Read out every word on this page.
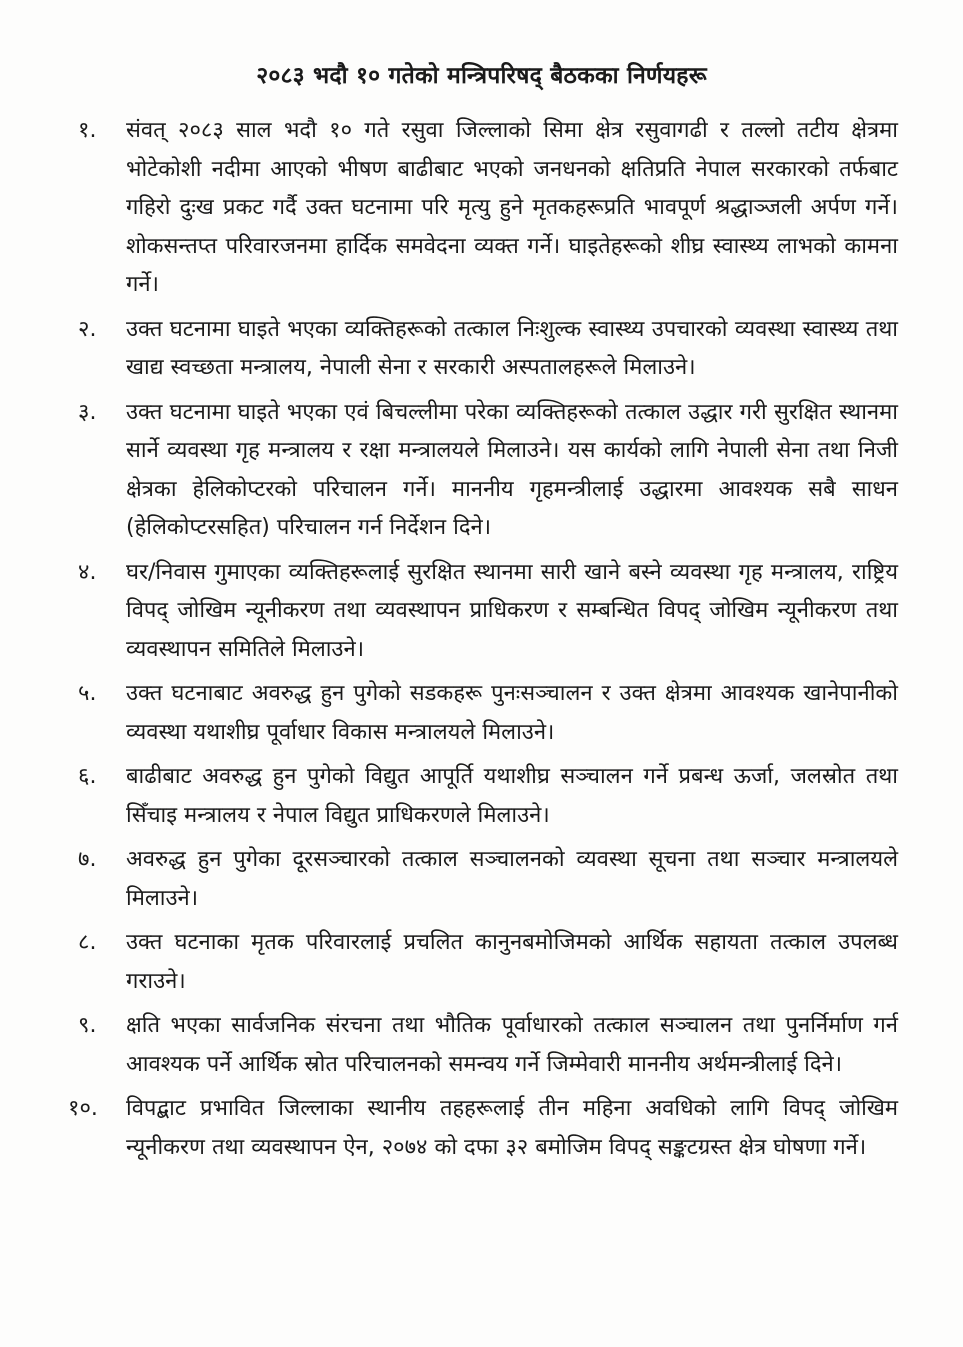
२०८३ भदौ १० गतेको मन्त्रिपरिषद् बैठकका निर्णयहरू
१.	संवत् २०८३ साल भदौ १० गते रसुवा जिल्लाको सिमा क्षेत्र रसुवागढी र तल्लो तटीय क्षेत्रमा भोटेकोशी नदीमा आएको भीषण बाढीबाट भएको जनधनको क्षतिप्रति नेपाल सरकारको तर्फबाट गहिरो दुःख प्रकट गर्दै उक्त घटनामा परि मृत्यु हुने मृतकहरूप्रति भावपूर्ण श्रद्धाञ्जली अर्पण गर्ने। शोकसन्तप्त परिवारजनमा हार्दिक समवेदना व्यक्त गर्ने। घाइतेहरूको शीघ्र स्वास्थ्य लाभको कामना गर्ने।
२.	उक्त घटनामा घाइते भएका व्यक्तिहरूको तत्काल निःशुल्क स्वास्थ्य उपचारको व्यवस्था स्वास्थ्य तथा खाद्य स्वच्छता मन्त्रालय, नेपाली सेना र सरकारी अस्पतालहरूले मिलाउने।
३.	उक्त घटनामा घाइते भएका एवं बिचल्लीमा परेका व्यक्तिहरूको तत्काल उद्धार गरी सुरक्षित स्थानमा सार्ने व्यवस्था गृह मन्त्रालय र रक्षा मन्त्रालयले मिलाउने। यस कार्यको लागि नेपाली सेना तथा निजी क्षेत्रका हेलिकोप्टरको परिचालन गर्ने। माननीय गृहमन्त्रीलाई उद्धारमा आवश्यक सबै साधन (हेलिकोप्टरसहित) परिचालन गर्न निर्देशन दिने।
४.	घर/निवास गुमाएका व्यक्तिहरूलाई सुरक्षित स्थानमा सारी खाने बस्ने व्यवस्था गृह मन्त्रालय, राष्ट्रिय विपद् जोखिम न्यूनीकरण तथा व्यवस्थापन प्राधिकरण र सम्बन्धित विपद् जोखिम न्यूनीकरण तथा व्यवस्थापन समितिले मिलाउने।
५.	उक्त घटनाबाट अवरुद्ध हुन पुगेको सडकहरू पुनःसञ्चालन र उक्त क्षेत्रमा आवश्यक खानेपानीको व्यवस्था यथाशीघ्र पूर्वाधार विकास मन्त्रालयले मिलाउने।
६.	बाढीबाट अवरुद्ध हुन पुगेको विद्युत आपूर्ति यथाशीघ्र सञ्चालन गर्ने प्रबन्ध ऊर्जा, जलस्रोत तथा सिँचाइ मन्त्रालय र नेपाल विद्युत प्राधिकरणले मिलाउने।
७.	अवरुद्ध हुन पुगेका दूरसञ्चारको तत्काल सञ्चालनको व्यवस्था सूचना तथा सञ्चार मन्त्रालयले मिलाउने।
८.	उक्त घटनाका मृतक परिवारलाई प्रचलित कानुनबमोजिमको आर्थिक सहायता तत्काल उपलब्ध गराउने।
९.	क्षति भएका सार्वजनिक संरचना तथा भौतिक पूर्वाधारको तत्काल सञ्चालन तथा पुनर्निर्माण गर्न आवश्यक पर्ने आर्थिक स्रोत परिचालनको समन्वय गर्ने जिम्मेवारी माननीय अर्थमन्त्रीलाई दिने।
१०.	विपद्बाट प्रभावित जिल्लाका स्थानीय तहहरूलाई तीन महिना अवधिको लागि विपद् जोखिम न्यूनीकरण तथा व्यवस्थापन ऐन, २०७४ को दफा ३२ बमोजिम विपद् सङ्कटग्रस्त क्षेत्र घोषणा गर्ने।
